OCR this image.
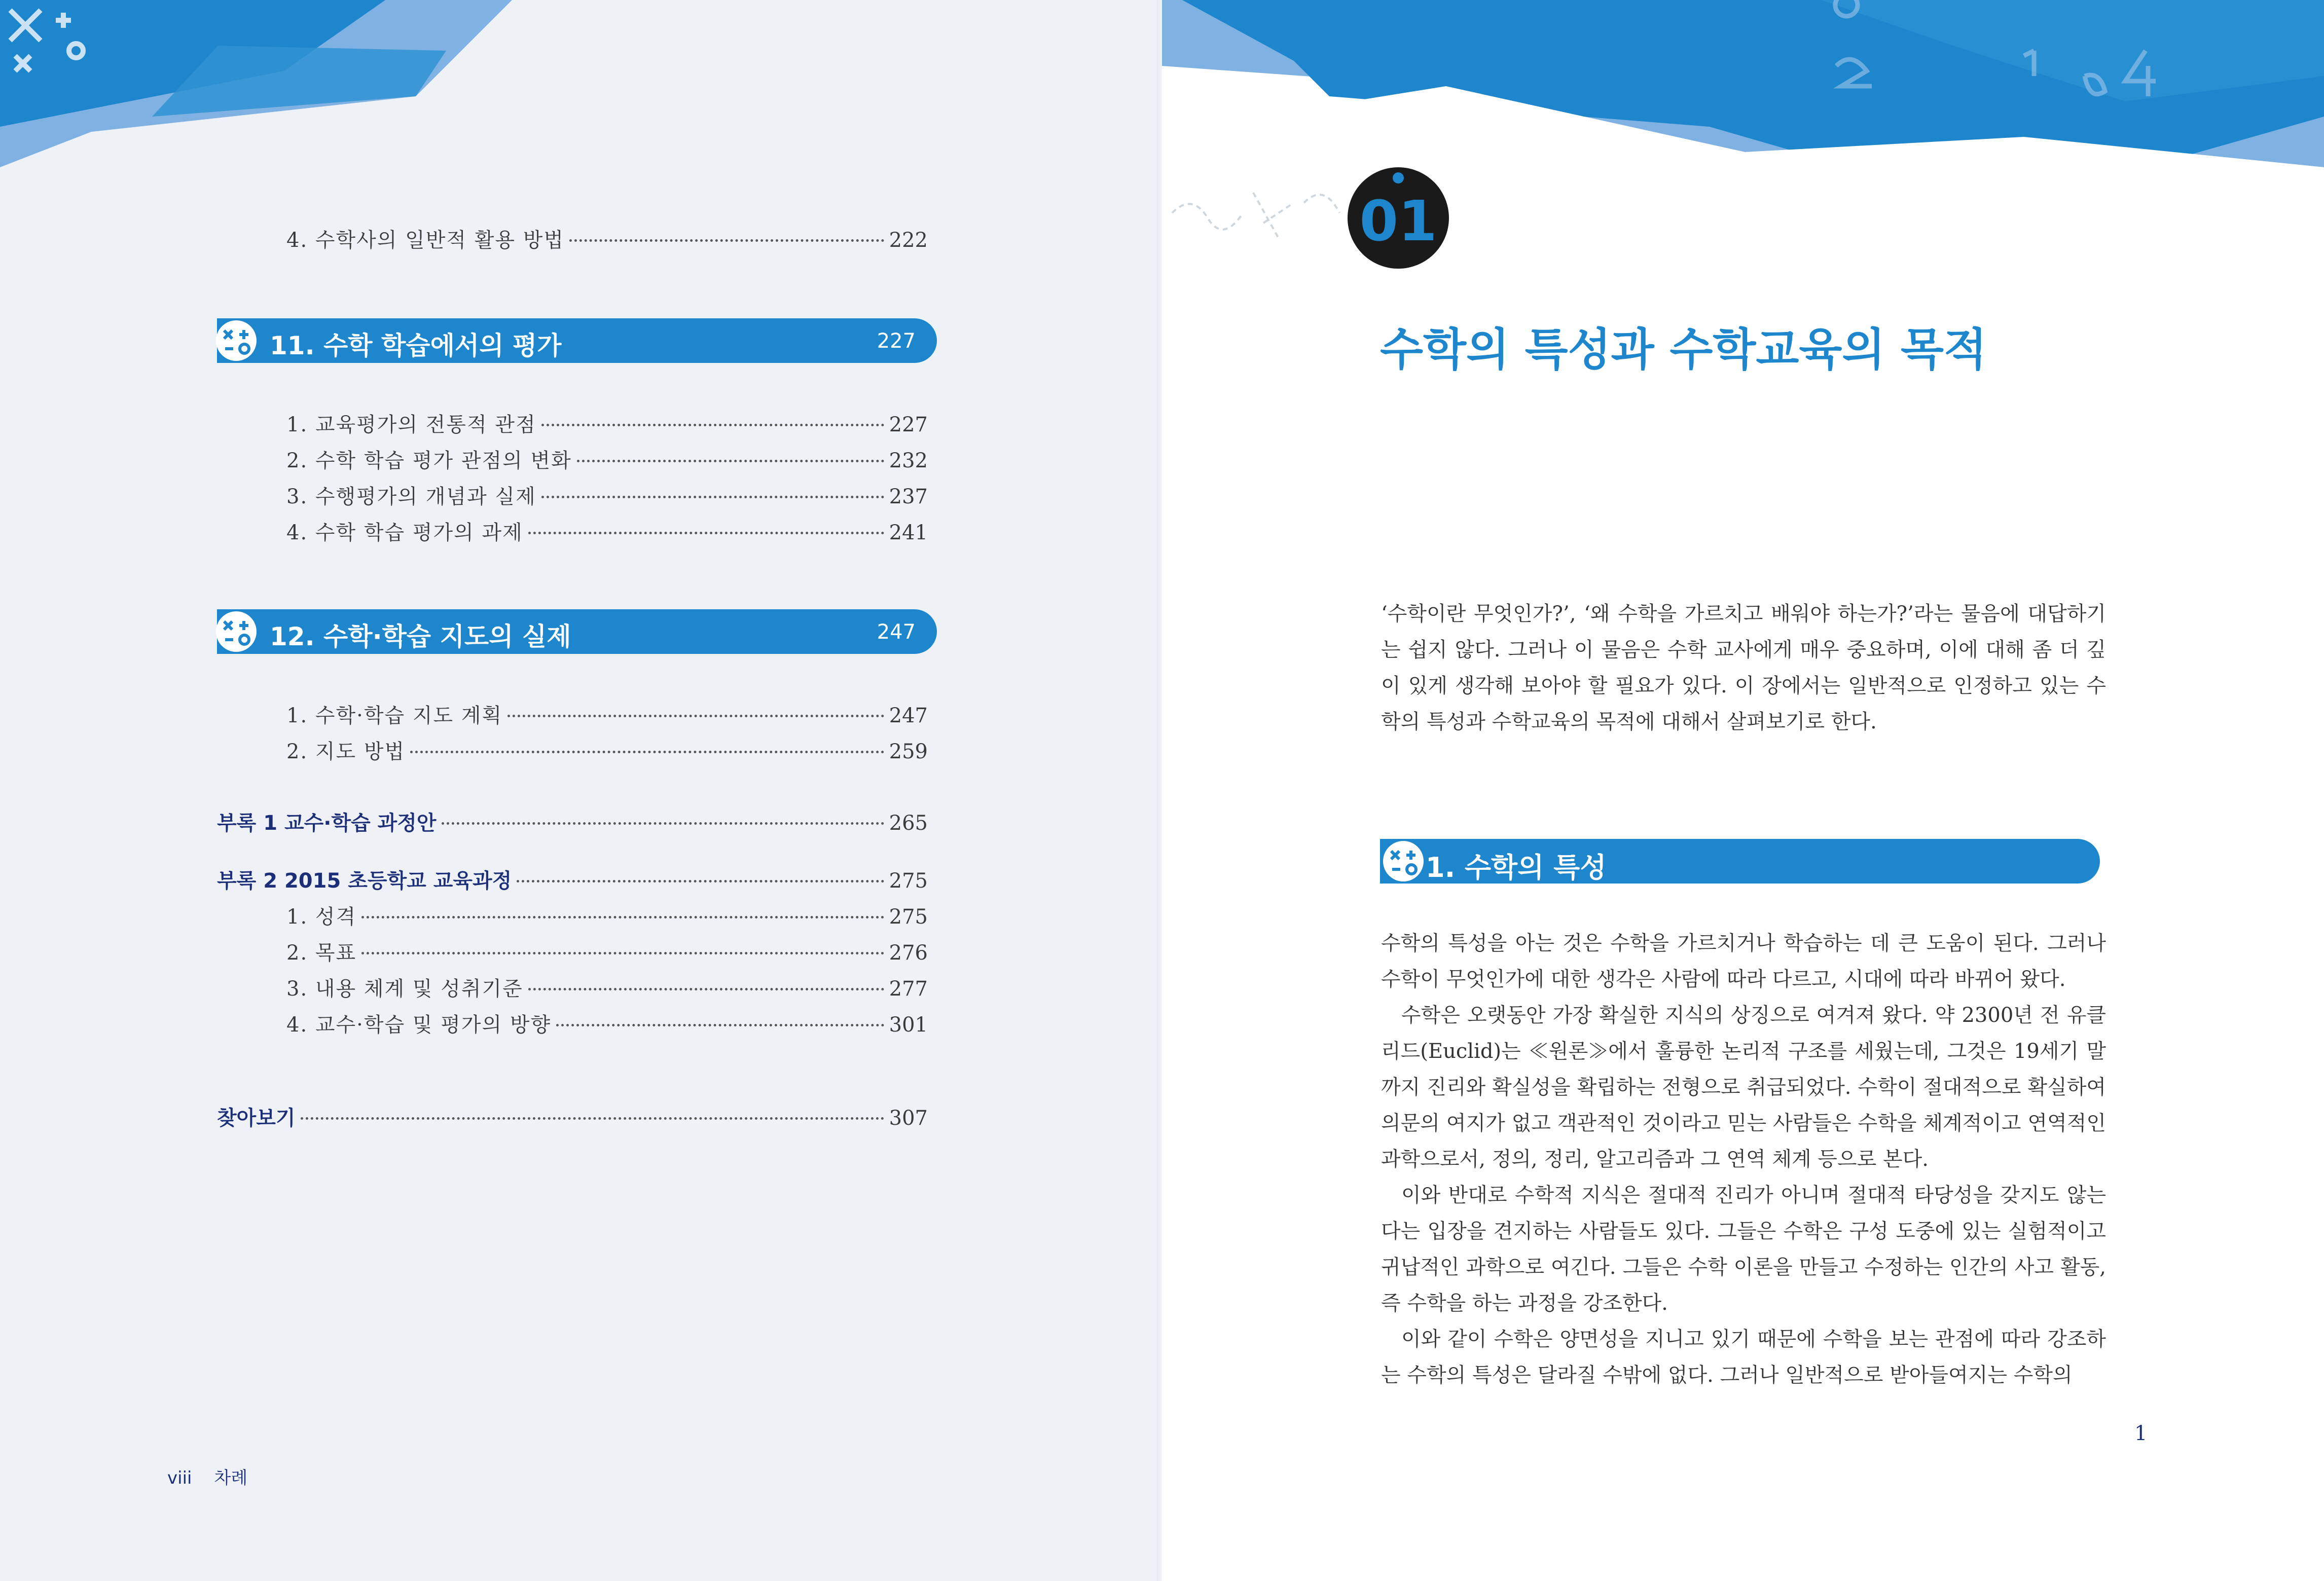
4. 수학사의 일반적 활용 방법	222
11. 수학 학습에서의 평가	227
1. 교육평가의 전통적 관점	227
2. 수학 학습 평가 관점의 변화	232
3. 수행평가의 개념과 실제	237
4. 수학 학습 평가의 과제	241
12. 수학·학습 지도의 실제	247
1. 수학·학습 지도 계획	247
2. 지도 방법	259
부록 1 교수·학습 과정안	265
부록 2 2015 초등학교 교육과정	275
1. 성격	275
2. 목표	276
3. 내용 체계 및 성취기준	277
4. 교수·학습 및 평가의 방향	301
찾아보기	307
viii 차례
01
수학의 특성과 수학교육의 목적

‘수학이란 무엇인가?’, ‘왜 수학을 가르치고 배워야 하는가?’라는 물음에 대답하기는 쉽지 않다. 그러나 이 물음은 수학 교사에게 매우 중요하며, 이에 대해 좀 더 깊이 있게 생각해 보아야 할 필요가 있다. 이 장에서는 일반적으로 인정하고 있는 수학의 특성과 수학교육의 목적에 대해서 살펴보기로 한다.

1. 수학의 특성

수학의 특성을 아는 것은 수학을 가르치거나 학습하는 데 큰 도움이 된다. 그러나 수학이 무엇인가에 대한 생각은 사람에 따라 다르고, 시대에 따라 바뀌어 왔다.

수학은 오랫동안 가장 확실한 지식의 상징으로 여겨져 왔다. 약 2300년 전 유클리드(Euclid)는 ≪원론≫에서 훌륭한 논리적 구조를 세웠는데, 그것은 19세기 말까지 진리와 확실성을 확립하는 전형으로 취급되었다. 수학이 절대적으로 확실하여 의문의 여지가 없고 객관적인 것이라고 믿는 사람들은 수학을 체계적이고 연역적인 과학으로서, 정의, 정리, 알고리즘과 그 연역 체계 등으로 본다.

이와 반대로 수학적 지식은 절대적 진리가 아니며 절대적 타당성을 갖지도 않는다는 입장을 견지하는 사람들도 있다. 그들은 수학은 구성 도중에 있는 실험적이고 귀납적인 과학으로 여긴다. 그들은 수학 이론을 만들고 수정하는 인간의 사고 활동, 즉 수학을 하는 과정을 강조한다.

이와 같이 수학은 양면성을 지니고 있기 때문에 수학을 보는 관점에 따라 강조하는 수학의 특성은 달라질 수밖에 없다. 그러나 일반적으로 받아들여지는 수학의

1
